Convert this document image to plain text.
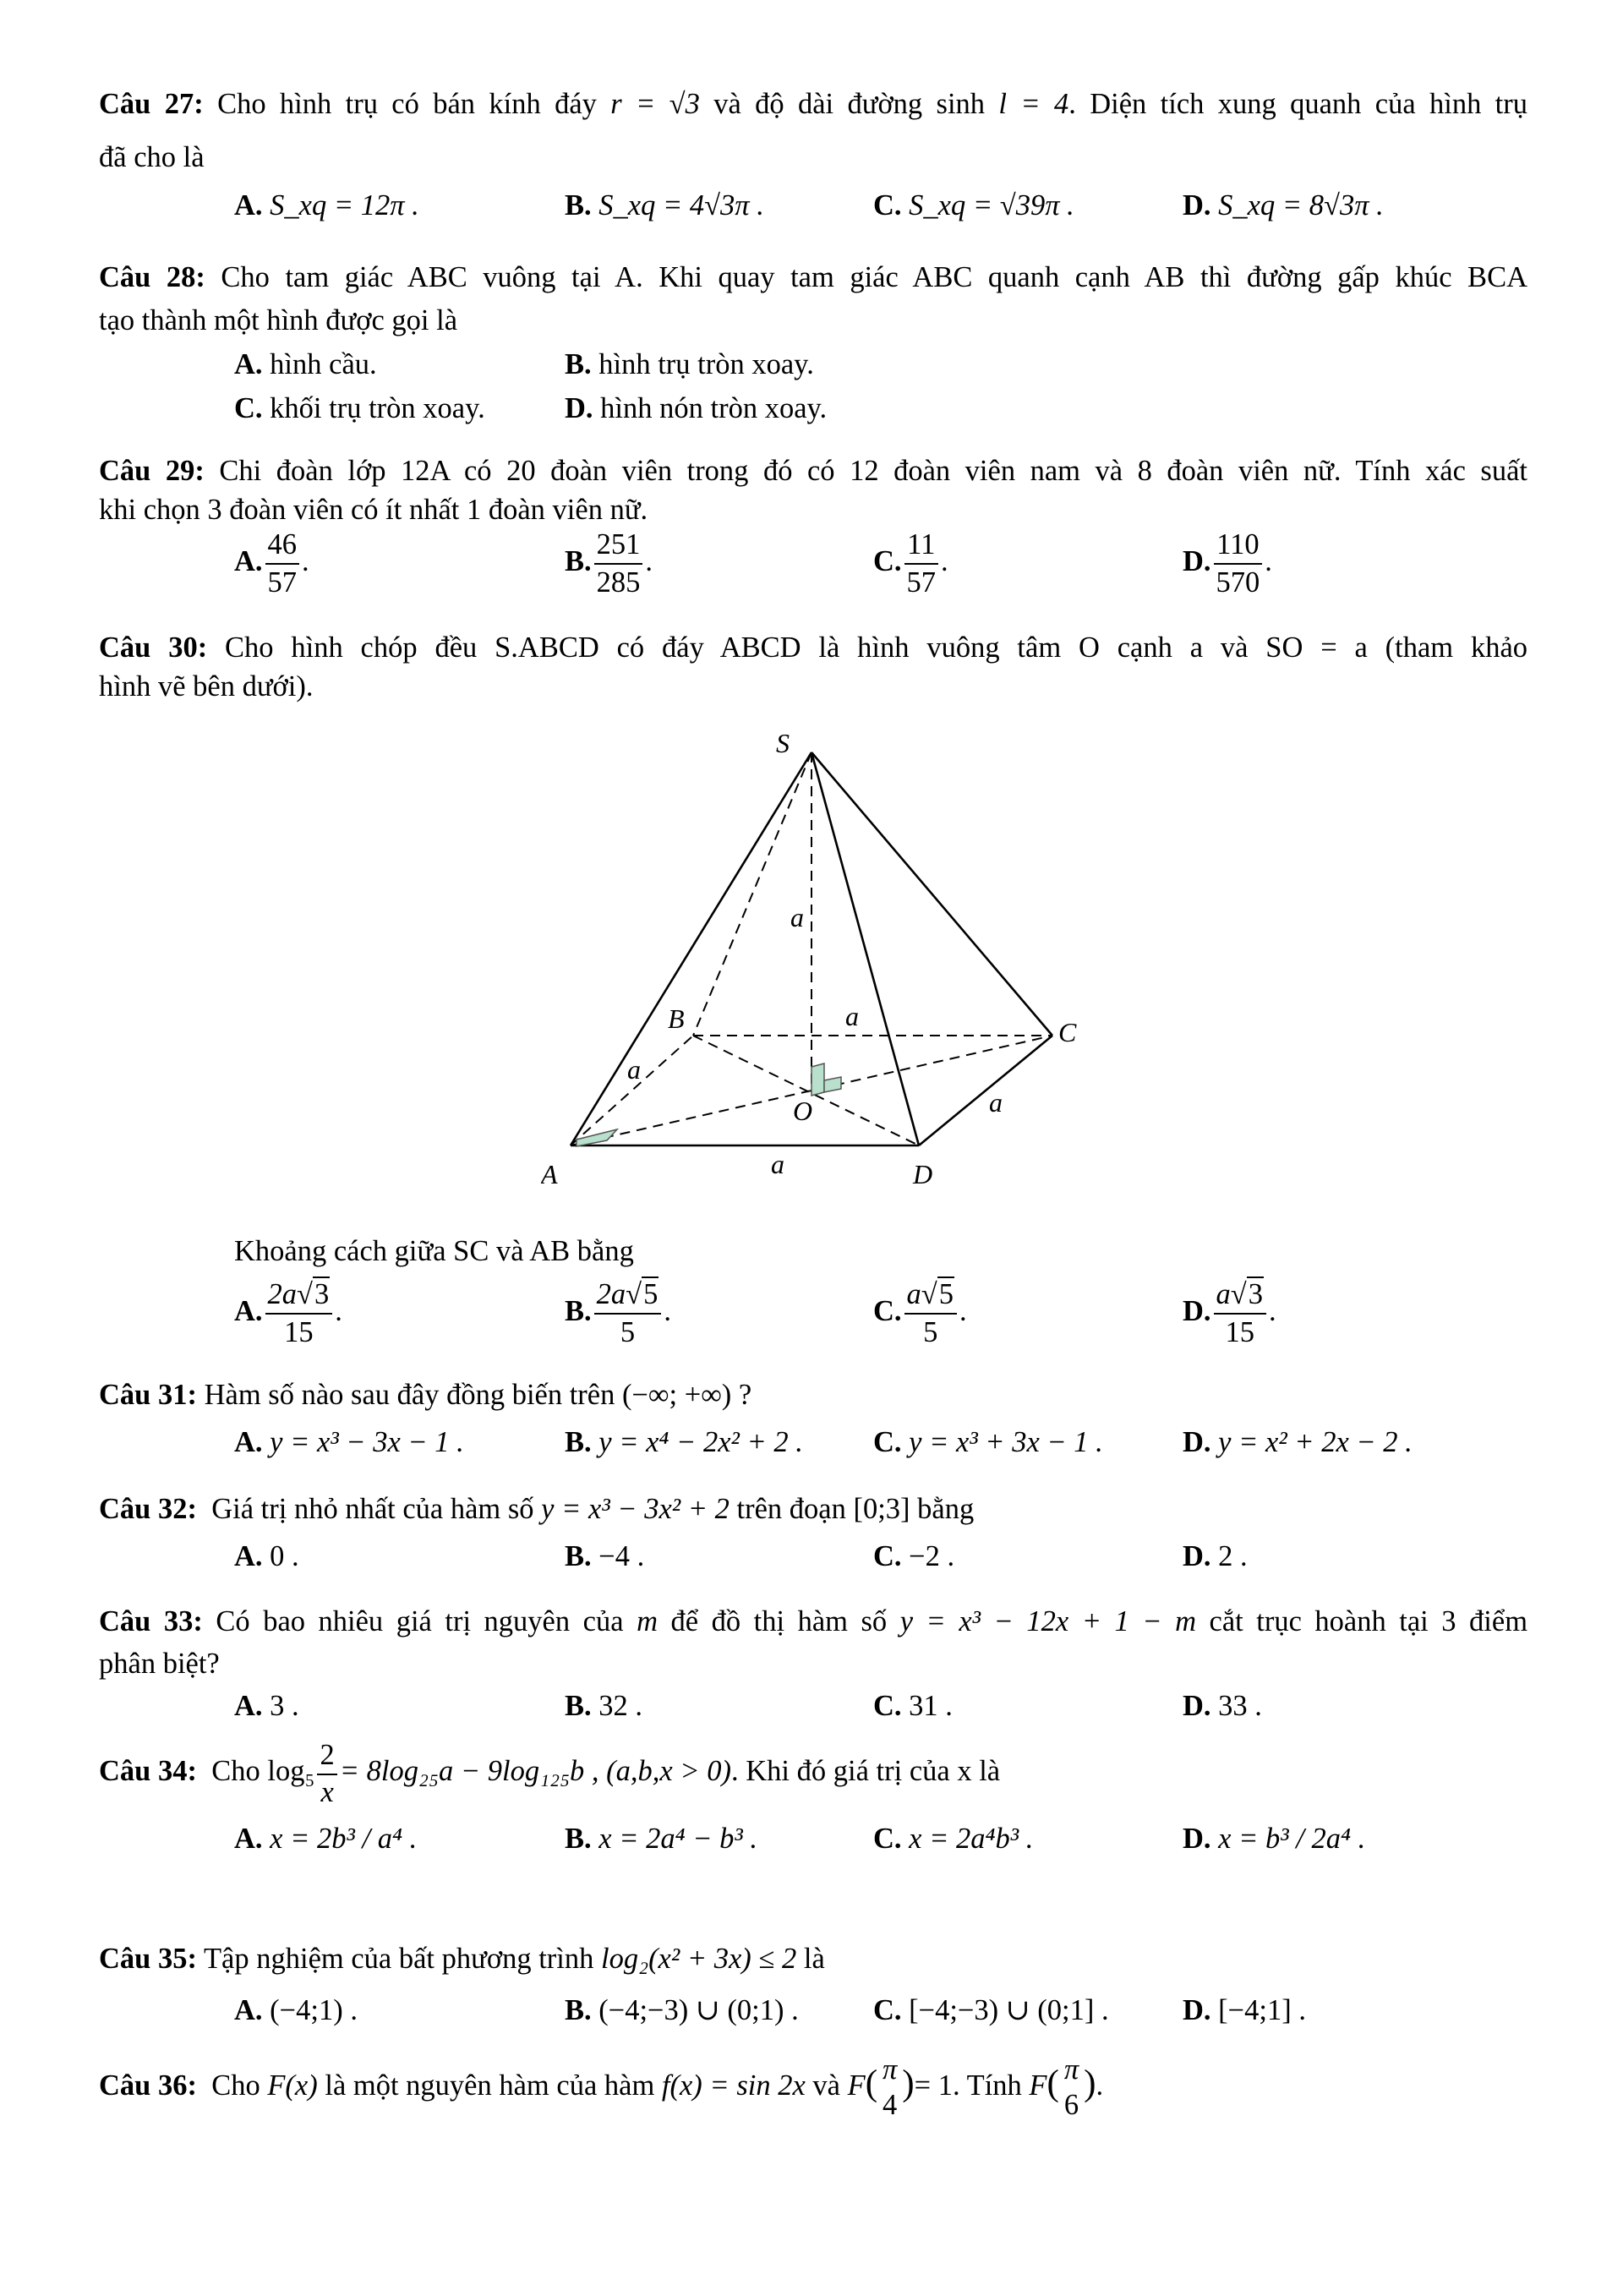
Câu 27: Cho hình trụ có bán kính đáy r = √3 và độ dài đường sinh l = 4. Diện tích xung quanh của hình trụ
đã cho là
A. S_xq = 12π .	B. S_xq = 4√3π .	C. S_xq = √39π .	D. S_xq = 8√3π .
Câu 28: Cho tam giác ABC vuông tại A. Khi quay tam giác ABC quanh cạnh AB thì đường gấp khúc BCA
tạo thành một hình được gọi là
A. hình cầu.	B. hình trụ tròn xoay.
C. khối trụ tròn xoay.	D. hình nón tròn xoay.
Câu 29: Chi đoàn lớp 12A có 20 đoàn viên trong đó có 12 đoàn viên nam và 8 đoàn viên nữ. Tính xác suất
khi chọn 3 đoàn viên có ít nhất 1 đoàn viên nữ.
A. $\frac{46}{57}$ .	B. $\frac{251}{285}$ .	C. $\frac{11}{57}$ .	D. $\frac{110}{570}$ .
Câu 30: Cho hình chóp đều S.ABCD có đáy ABCD là hình vuông tâm O cạnh a và SO = a (tham khảo
hình vẽ bên dưới).
S
A
B	C
D
O
a
a
a
a
a
Khoảng cách giữa SC và AB bằng
A. $\frac{2a√3}{15}$ .	B. $\frac{2a√5}{5}$ .	C. $\frac{a√5}{5}$ .	D. $\frac{a√3}{15}$ .
Câu 31: Hàm số nào sau đây đồng biến trên (−∞; +∞) ?
A. y = x³ − 3x − 1 .	B. y = x⁴ − 2x² + 2 . C. y = x³ + 3x − 1 .	D. y = x² + 2x − 2 .
Câu 32: Giá trị nhỏ nhất của hàm số y = x³ − 3x² + 2 trên đoạn [0;3] bằng
A. 0 .	B. −4 .	C. −2 .	D. 2 .
Câu 33: Có bao nhiêu giá trị nguyên của m để đồ thị hàm số y = x³ − 12x + 1 − m cắt trục hoành tại 3 điểm
phân biệt?
A. 3 .	B. 32 .	C. 31 .	D. 33 .
Câu 34: Cho $\log_5 \frac{2}{x}= 8\log_{25}a - 9\log_{125}b$ , (a,b,x > 0). Khi đó giá trị của x là
A. x = 2b³ / a⁴ .	B. x = 2a⁴ − b³ .	C. x = 2a⁴b³ .	D. x = b³ / 2a⁴ .
Câu 35: Tập nghiệm của bất phương trình log₂(x² + 3x) ≤ 2 là
A. (−4;1) .	B. (−4;−3) ∪ (0;1) .	C. [−4;−3) ∪ (0;1] .	D. [−4;1] .
Câu 36: Cho F(x) là một nguyên hàm của hàm f(x) = sin 2x và F( π
4
)= 1. Tính F( π
6
).
